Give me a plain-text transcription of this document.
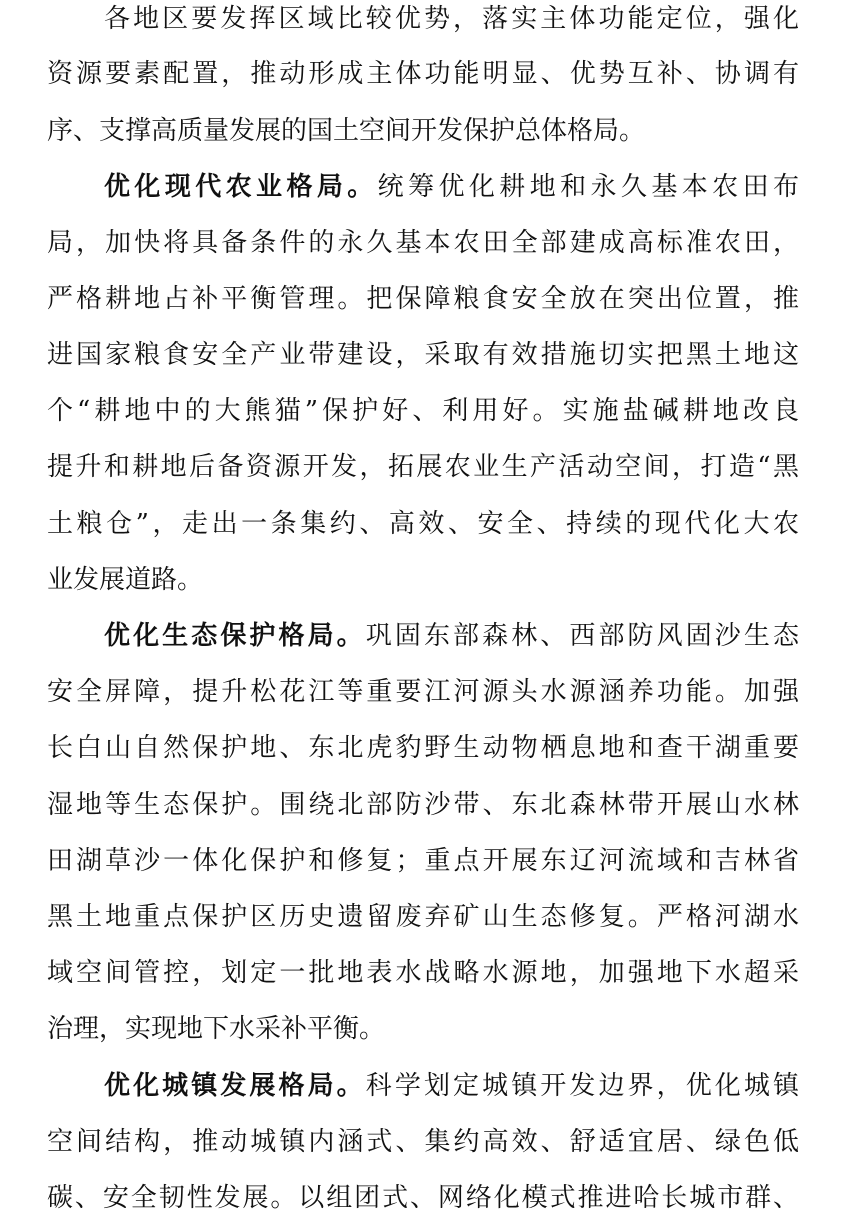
各地区要发挥区域比较优势，落实主体功能定位，强化
资源要素配置，推动形成主体功能明显、优势互补、协调有
序、支撑高质量发展的国土空间开发保护总体格局。
优化现代农业格局。统筹优化耕地和永久基本农田布
局，加快将具备条件的永久基本农田全部建成高标准农田，
严格耕地占补平衡管理。把保障粮食安全放在突出位置，推
进国家粮食安全产业带建设，采取有效措施切实把黑土地这
个“耕地中的大熊猫”保护好、利用好。实施盐碱耕地改良
提升和耕地后备资源开发，拓展农业生产活动空间，打造“黑
土粮仓”，走出一条集约、高效、安全、持续的现代化大农
业发展道路。
优化生态保护格局。巩固东部森林、西部防风固沙生态
安全屏障，提升松花江等重要江河源头水源涵养功能。加强
长白山自然保护地、东北虎豹野生动物栖息地和查干湖重要
湿地等生态保护。围绕北部防沙带、东北森林带开展山水林
田湖草沙一体化保护和修复；重点开展东辽河流域和吉林省
黑土地重点保护区历史遗留废弃矿山生态修复。严格河湖水
域空间管控，划定一批地表水战略水源地，加强地下水超采
治理，实现地下水采补平衡。
优化城镇发展格局。科学划定城镇开发边界，优化城镇
空间结构，推动城镇内涵式、集约高效、舒适宜居、绿色低
碳、安全韧性发展。以组团式、网络化模式推进哈长城市群、
